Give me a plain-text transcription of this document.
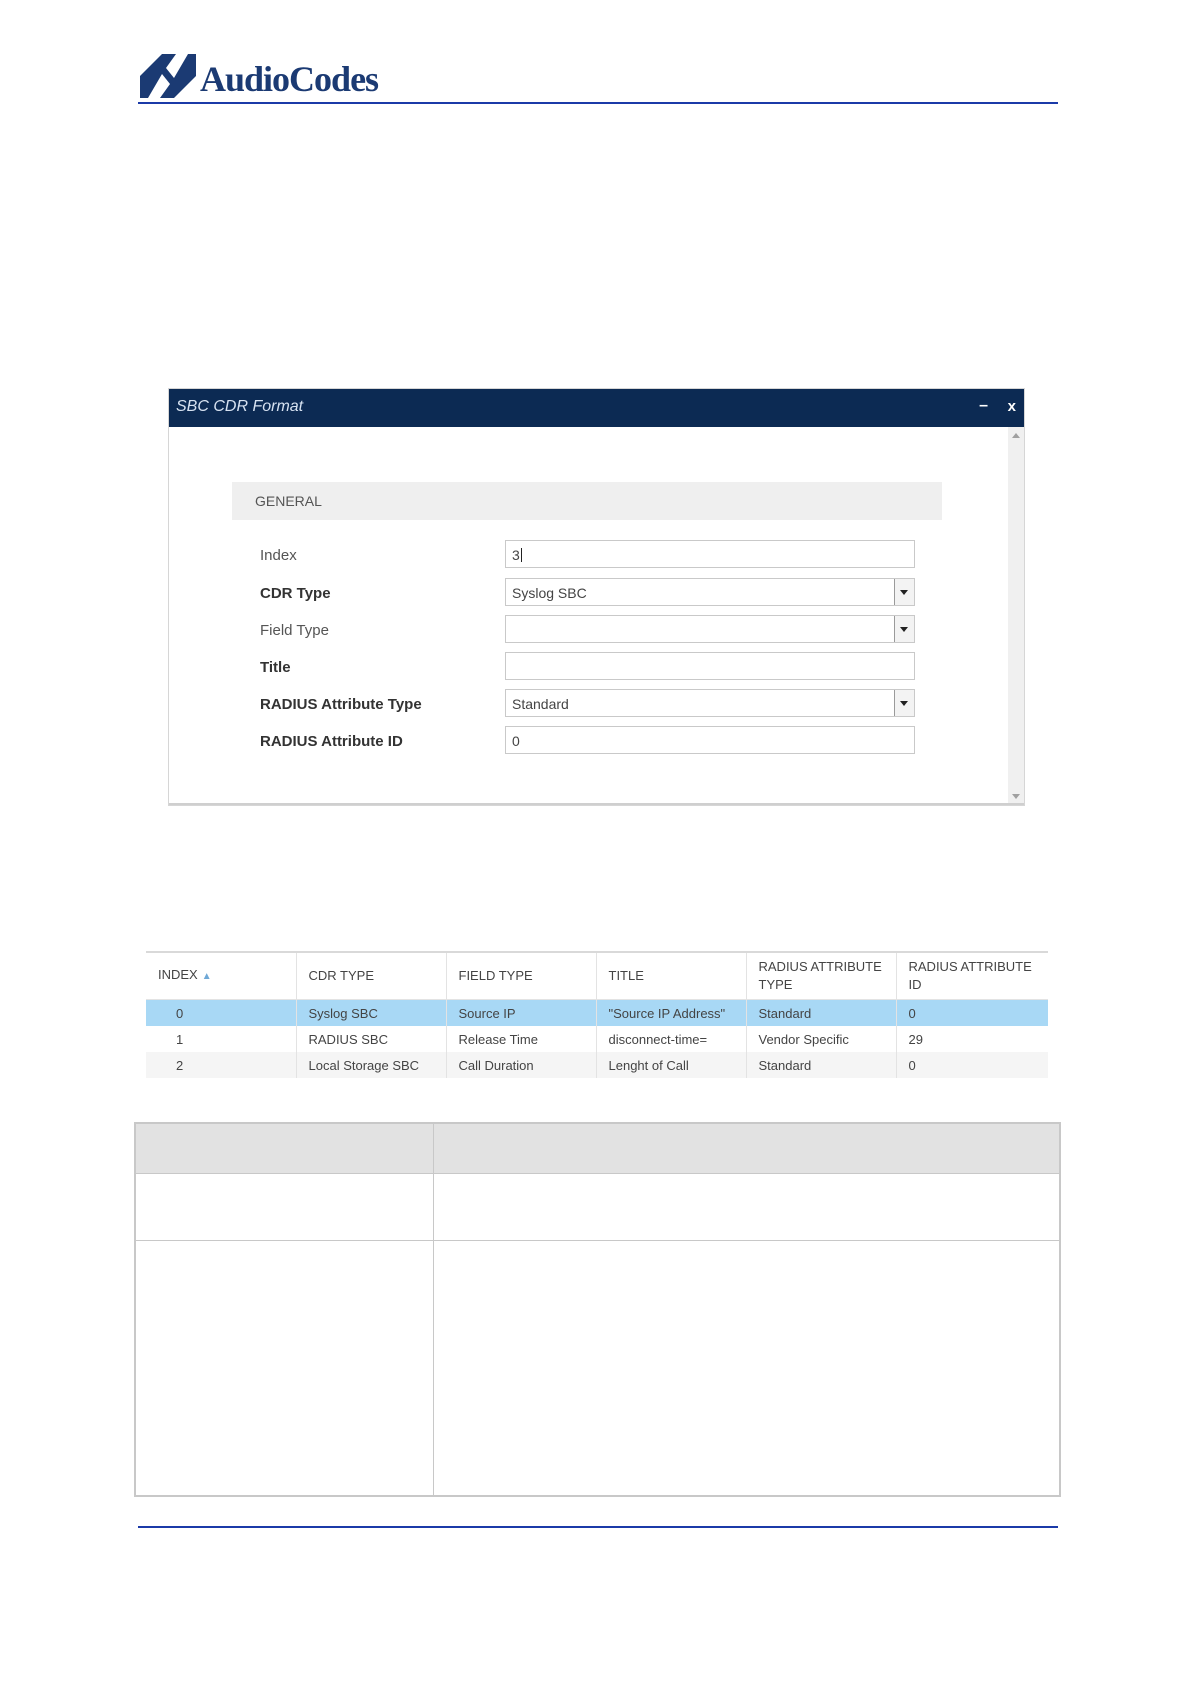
AudioCodes
SBC CDR Format	– x
GENERAL
Index	3
CDR Type	Syslog SBC
Field Type
Title
RADIUS Attribute Type	Standard
RADIUS Attribute ID	0
INDEX ▲	CDR TYPE	FIELD TYPE	TITLE	RADIUS ATTRIBUTE TYPE	RADIUS ATTRIBUTE ID
0	Syslog SBC	Source IP	"Source IP Address"	Standard	0
1	RADIUS SBC	Release Time	disconnect-time=	Vendor Specific	29
2	Local Storage SBC	Call Duration	Lenght of Call	Standard	0
